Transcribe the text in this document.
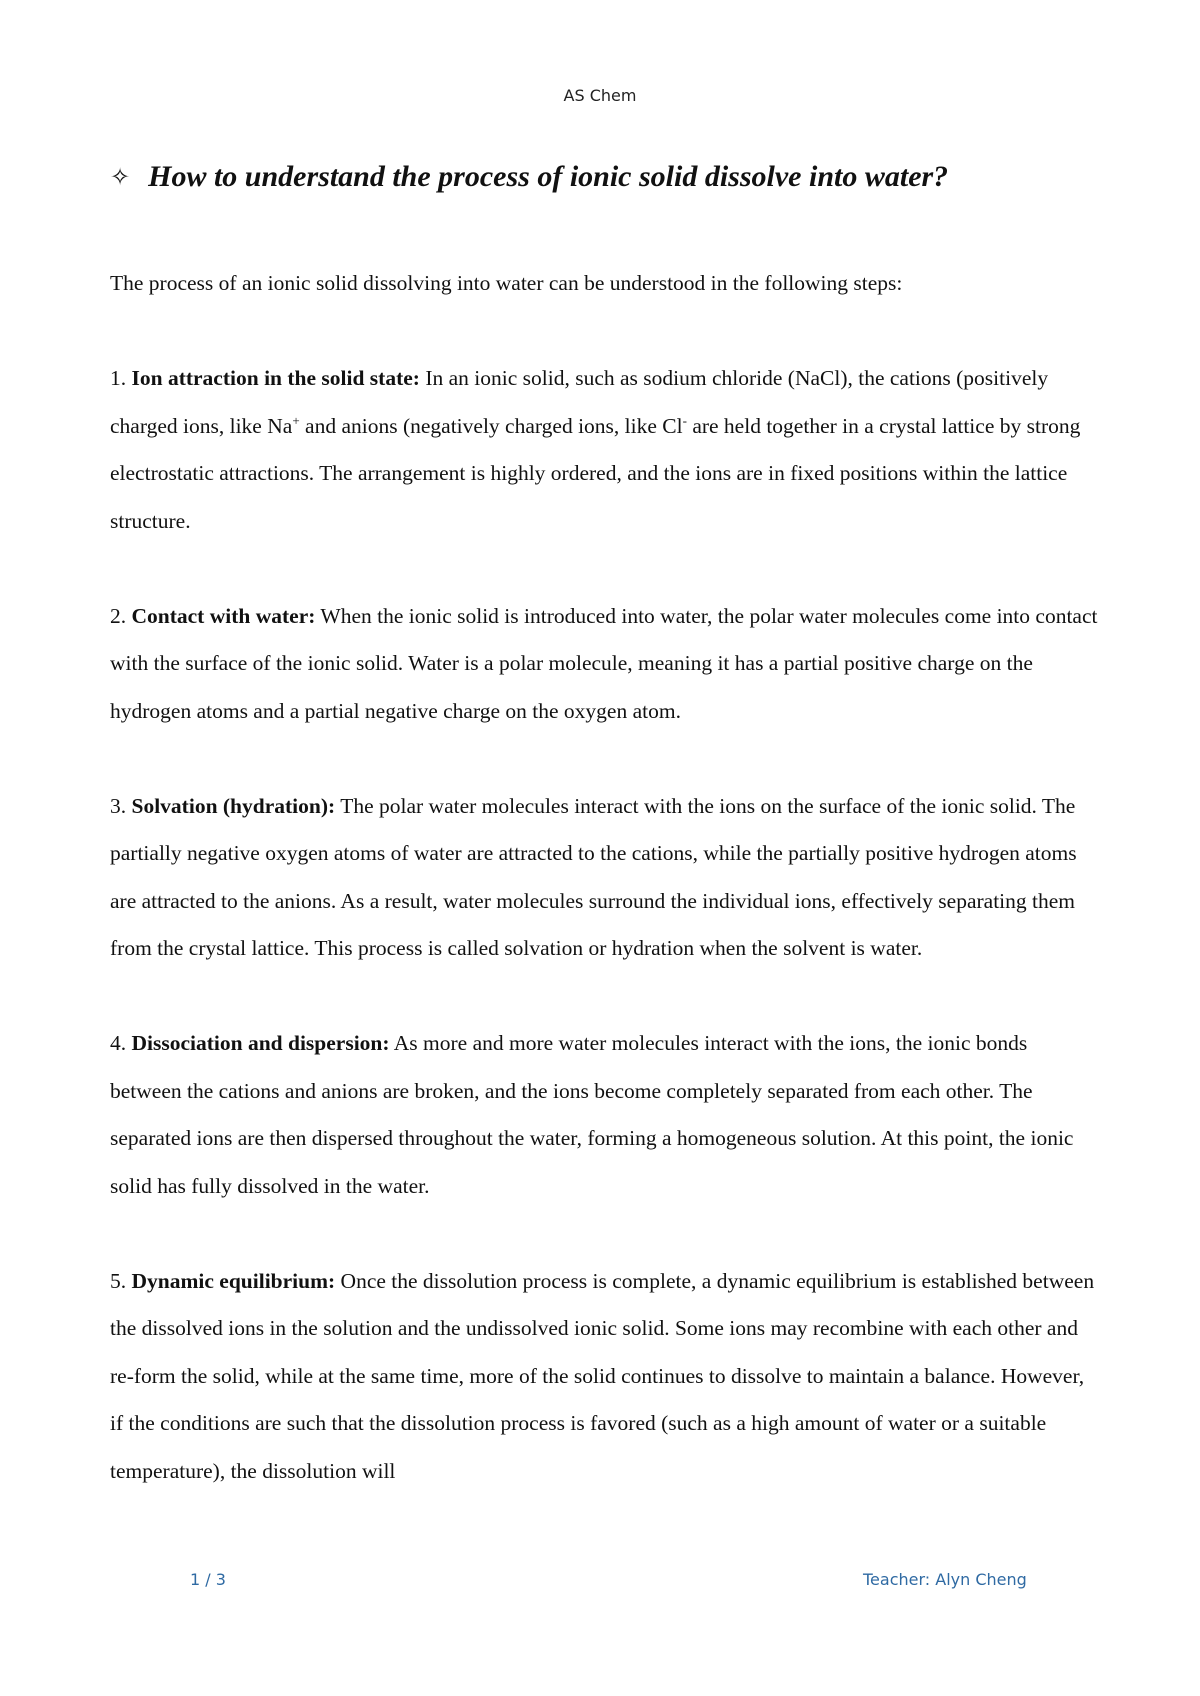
AS Chem
✧ How to understand the process of ionic solid dissolve into water?

The process of an ionic solid dissolving into water can be understood in the following steps:

1. Ion attraction in the solid state: In an ionic solid, such as sodium chloride (NaCl), the cations (positively charged ions, like Na+ and anions (negatively charged ions, like Cl- are held together in a crystal lattice by strong electrostatic attractions. The arrangement is highly ordered, and the ions are in fixed positions within the lattice structure.

2. Contact with water: When the ionic solid is introduced into water, the polar water molecules come into contact with the surface of the ionic solid. Water is a polar molecule, meaning it has a partial positive charge on the hydrogen atoms and a partial negative charge on the oxygen atom.

3. Solvation (hydration): The polar water molecules interact with the ions on the surface of the ionic solid. The partially negative oxygen atoms of water are attracted to the cations, while the partially positive hydrogen atoms are attracted to the anions. As a result, water molecules surround the individual ions, effectively separating them from the crystal lattice. This process is called solvation or hydration when the solvent is water.

4. Dissociation and dispersion: As more and more water molecules interact with the ions, the ionic bonds between the cations and anions are broken, and the ions become completely separated from each other. The separated ions are then dispersed throughout the water, forming a homogeneous solution. At this point, the ionic solid has fully dissolved in the water.

5. Dynamic equilibrium: Once the dissolution process is complete, a dynamic equilibrium is established between the dissolved ions in the solution and the undissolved ionic solid. Some ions may recombine with each other and re-form the solid, while at the same time, more of the solid continues to dissolve to maintain a balance. However, if the conditions are such that the dissolution process is favored (such as a high amount of water or a suitable temperature), the dissolution will

1 / 3	Teacher: Alyn Cheng
